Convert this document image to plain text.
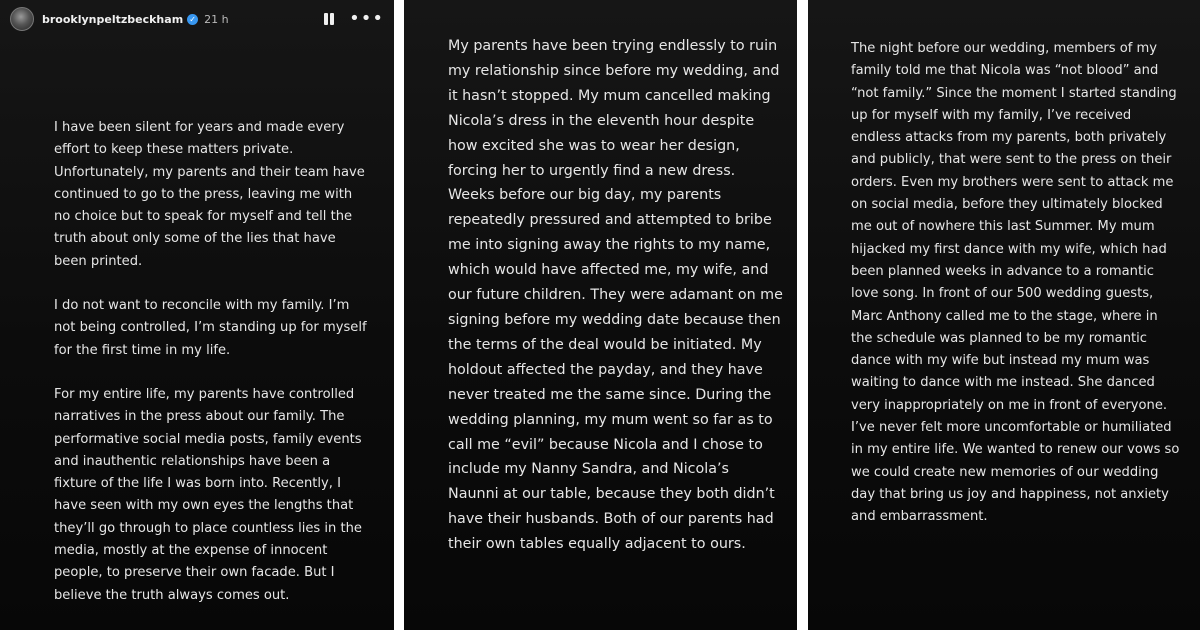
brooklynpeltzbeckham ✓ 21 h	•••

I have been silent for years and made every effort to keep these matters private. Unfortunately, my parents and their team have continued to go to the press, leaving me with no choice but to speak for myself and tell the truth about only some of the lies that have been printed.

I do not want to reconcile with my family. I’m not being controlled, I’m standing up for myself for the first time in my life.

For my entire life, my parents have controlled narratives in the press about our family. The performative social media posts, family events and inauthentic relationships have been a fixture of the life I was born into. Recently, I have seen with my own eyes the lengths that they’ll go through to place countless lies in the media, mostly at the expense of innocent people, to preserve their own facade. But I believe the truth always comes out.

My parents have been trying endlessly to ruin my relationship since before my wedding, and it hasn’t stopped. My mum cancelled making Nicola’s dress in the eleventh hour despite how excited she was to wear her design, forcing her to urgently find a new dress. Weeks before our big day, my parents repeatedly pressured and attempted to bribe me into signing away the rights to my name, which would have affected me, my wife, and our future children. They were adamant on me signing before my wedding date because then the terms of the deal would be initiated. My holdout affected the payday, and they have never treated me the same since. During the wedding planning, my mum went so far as to call me “evil” because Nicola and I chose to include my Nanny Sandra, and Nicola’s Naunni at our table, because they both didn’t have their husbands. Both of our parents had their own tables equally adjacent to ours.

The night before our wedding, members of my family told me that Nicola was “not blood” and “not family.” Since the moment I started standing up for myself with my family, I’ve received endless attacks from my parents, both privately and publicly, that were sent to the press on their orders. Even my brothers were sent to attack me on social media, before they ultimately blocked me out of nowhere this last Summer. My mum hijacked my first dance with my wife, which had been planned weeks in advance to a romantic love song. In front of our 500 wedding guests, Marc Anthony called me to the stage, where in the schedule was planned to be my romantic dance with my wife but instead my mum was waiting to dance with me instead. She danced very inappropriately on me in front of everyone. I’ve never felt more uncomfortable or humiliated in my entire life. We wanted to renew our vows so we could create new memories of our wedding day that bring us joy and happiness, not anxiety and embarrassment.
